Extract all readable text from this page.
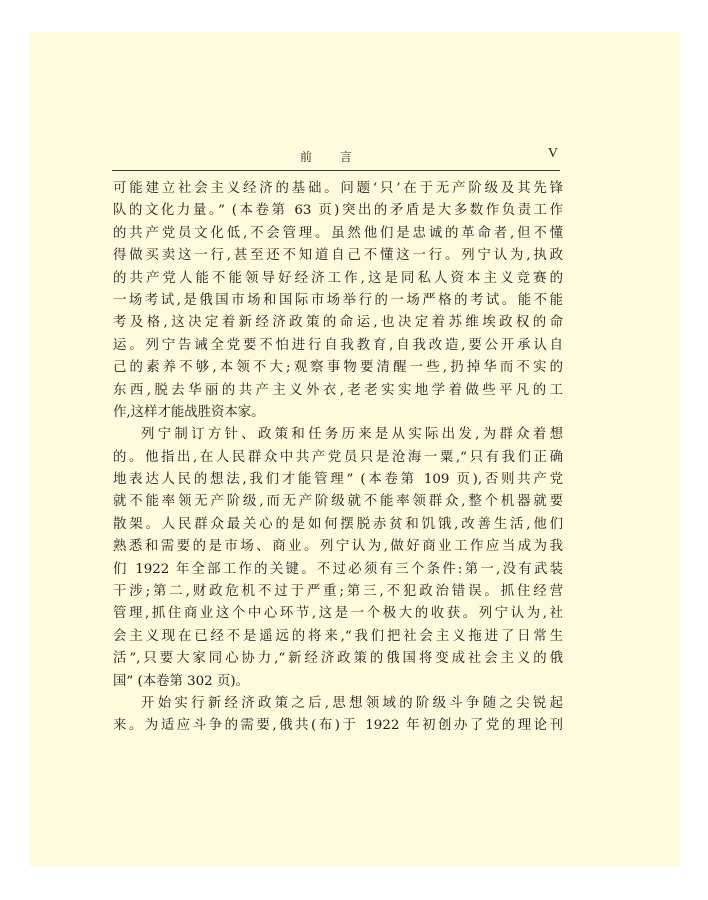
前 言	V
可能建立社会主义经济的基础。问题‘只’在于无产阶级及其先锋
队的文化力量。” (本卷第 63 页)突出的矛盾是大多数作负责工作
的共产党员文化低,不会管理。虽然他们是忠诚的革命者,但不懂
得做买卖这一行,甚至还不知道自己不懂这一行。列宁认为,执政
的共产党人能不能领导好经济工作,这是同私人资本主义竞赛的
一场考试,是俄国市场和国际市场举行的一场严格的考试。能不能
考及格,这决定着新经济政策的命运,也决定着苏维埃政权的命
运。列宁告诫全党要不怕进行自我教育,自我改造,要公开承认自
己的素养不够,本领不大;观察事物要清醒一些,扔掉华而不实的
东西,脱去华丽的共产主义外衣,老老实实地学着做些平凡的工
作,这样才能战胜资本家。
列宁制订方针、政策和任务历来是从实际出发,为群众着想
的。他指出,在人民群众中共产党员只是沧海一粟,“只有我们正确
地表达人民的想法,我们才能管理” (本卷第 109 页),否则共产党
就不能率领无产阶级,而无产阶级就不能率领群众,整个机器就要
散架。人民群众最关心的是如何摆脱赤贫和饥饿,改善生活,他们
熟悉和需要的是市场、商业。列宁认为,做好商业工作应当成为我
们 1922 年全部工作的关键。不过必须有三个条件:第一,没有武装
干涉;第二,财政危机不过于严重;第三,不犯政治错误。抓住经营
管理,抓住商业这个中心环节,这是一个极大的收获。列宁认为,社
会主义现在已经不是遥远的将来,“我们把社会主义拖进了日常生
活”,只要大家同心协力,“新经济政策的俄国将变成社会主义的俄
国” (本卷第 302 页)。
开始实行新经济政策之后,思想领域的阶级斗争随之尖锐起
来。为适应斗争的需要,俄共(布)于 1922 年初创办了党的理论刊
